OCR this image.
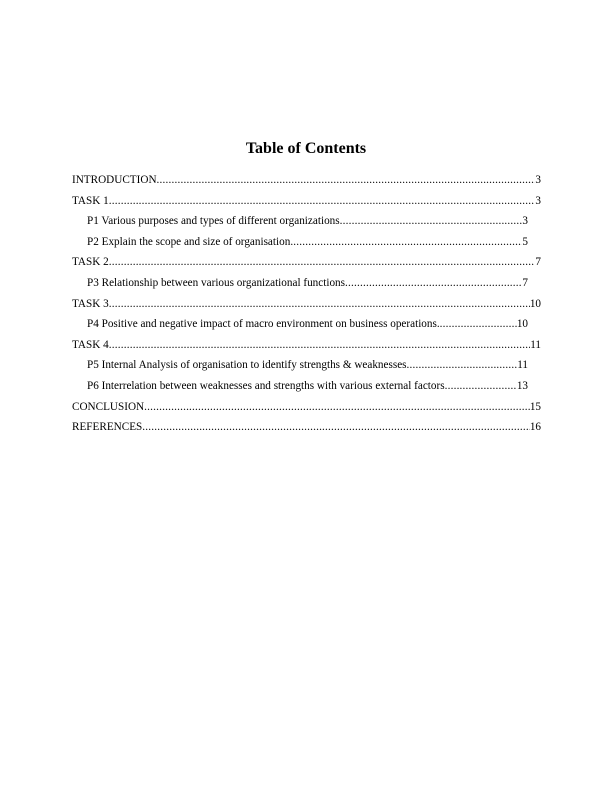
Table of Contents
INTRODUCTION .....	3
TASK 1 .....	3
P1 Various purposes and types of different organizations .....	3
P2 Explain the scope and size of organisation .....	5
TASK 2 .....	7
P3 Relationship between various organizational functions .....	7
TASK 3 .....	10
P4 Positive and negative impact of macro environment on business operations. .....	10
TASK 4 .....	11
P5 Internal Analysis of organisation to identify strengths & weaknesses .....	11
P6 Interrelation between weaknesses and strengths with various external factors .....	13
CONCLUSION .....	15
REFERENCES .....	16
